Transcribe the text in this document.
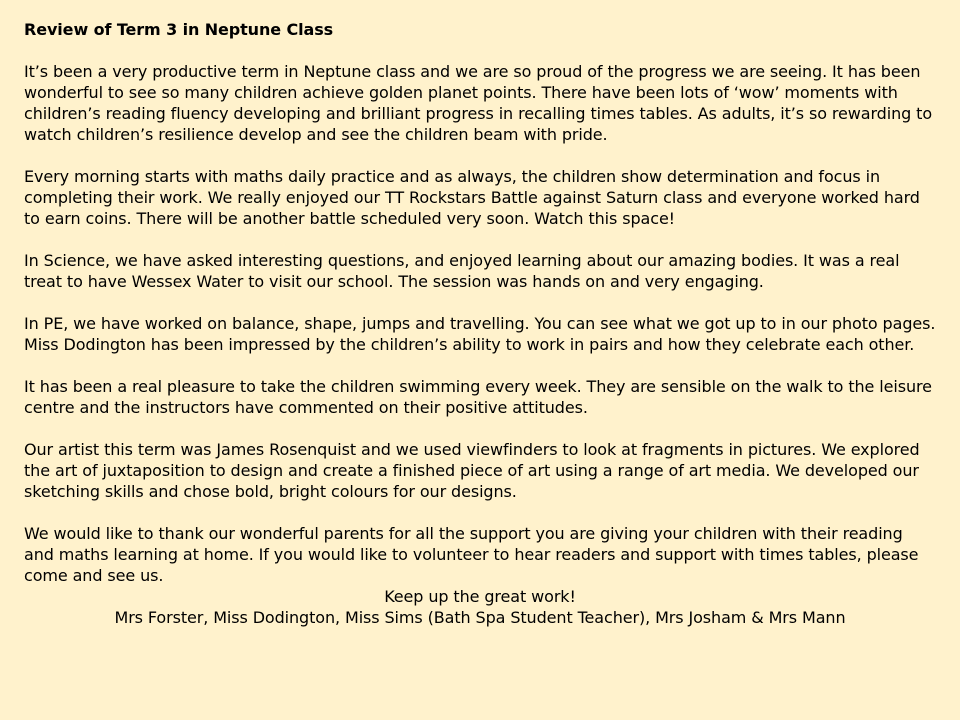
Review of Term 3 in Neptune Class

It’s been a very productive term in Neptune class and we are so proud of the progress we are seeing. It has been wonderful to see so many children achieve golden planet points. There have been lots of ‘wow’ moments with children’s reading fluency developing and brilliant progress in recalling times tables. As adults, it’s so rewarding to watch children’s resilience develop and see the children beam with pride.

Every morning starts with maths daily practice and as always, the children show determination and focus in completing their work. We really enjoyed our TT Rockstars Battle against Saturn class and everyone worked hard to earn coins. There will be another battle scheduled very soon. Watch this space!

In Science, we have asked interesting questions, and enjoyed learning about our amazing bodies. It was a real treat to have Wessex Water to visit our school. The session was hands on and very engaging.

In PE, we have worked on balance, shape, jumps and travelling. You can see what we got up to in our photo pages. Miss Dodington has been impressed by the children’s ability to work in pairs and how they celebrate each other.

It has been a real pleasure to take the children swimming every week. They are sensible on the walk to the leisure centre and the instructors have commented on their positive attitudes.

Our artist this term was James Rosenquist and we used viewfinders to look at fragments in pictures. We explored the art of juxtaposition to design and create a finished piece of art using a range of art media. We developed our sketching skills and chose bold, bright colours for our designs.

We would like to thank our wonderful parents for all the support you are giving your children with their reading and maths learning at home. If you would like to volunteer to hear readers and support with times tables, please come and see us.

Keep up the great work!

Mrs Forster, Miss Dodington, Miss Sims (Bath Spa Student Teacher), Mrs Josham & Mrs Mann
